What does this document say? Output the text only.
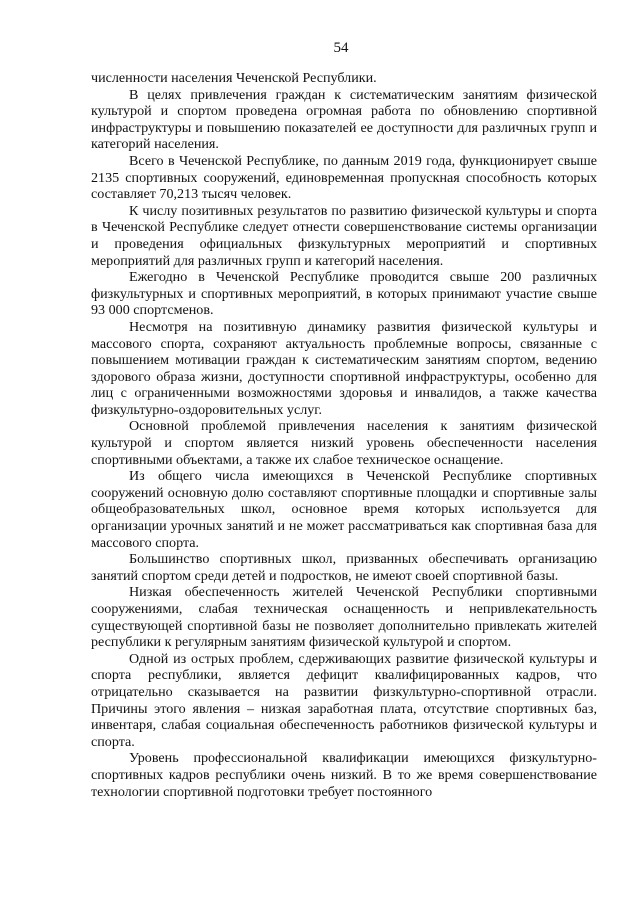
54

численности населения Чеченской Республики.

В целях привлечения граждан к систематическим занятиям физической культурой и спортом проведена огромная работа по обновлению спортивной инфраструктуры и повышению показателей ее доступности для различных групп и категорий населения.

Всего в Чеченской Республике, по данным 2019 года, функционирует свыше 2135 спортивных сооружений, единовременная пропускная способность которых составляет 70,213 тысяч человек.

К числу позитивных результатов по развитию физической культуры и спорта в Чеченской Республике следует отнести совершенствование системы организации и проведения официальных физкультурных мероприятий и спортивных мероприятий для различных групп и категорий населения.

Ежегодно в Чеченской Республике проводится свыше 200 различных физкультурных и спортивных мероприятий, в которых принимают участие свыше 93 000 спортсменов.

Несмотря на позитивную динамику развития физической культуры и массового спорта, сохраняют актуальность проблемные вопросы, связанные с повышением мотивации граждан к систематическим занятиям спортом, ведению здорового образа жизни, доступности спортивной инфраструктуры, особенно для лиц с ограниченными возможностями здоровья и инвалидов, а также качества физкультурно-оздоровительных услуг.

Основной проблемой привлечения населения к занятиям физической культурой и спортом является низкий уровень обеспеченности населения спортивными объектами, а также их слабое техническое оснащение.

Из общего числа имеющихся в Чеченской Республике спортивных сооружений основную долю составляют спортивные площадки и спортивные залы общеобразовательных школ, основное время которых используется для организации урочных занятий и не может рассматриваться как спортивная база для массового спорта.

Большинство спортивных школ, призванных обеспечивать организацию занятий спортом среди детей и подростков, не имеют своей спортивной базы.

Низкая обеспеченность жителей Чеченской Республики спортивными сооружениями, слабая техническая оснащенность и непривлекательность существующей спортивной базы не позволяет дополнительно привлекать жителей республики к регулярным занятиям физической культурой и спортом.

Одной из острых проблем, сдерживающих развитие физической культуры и спорта республики, является дефицит квалифицированных кадров, что отрицательно сказывается на развитии физкультурно-спортивной отрасли. Причины этого явления – низкая заработная плата, отсутствие спортивных баз, инвентаря, слабая социальная обеспеченность работников физической культуры и спорта.

Уровень профессиональной квалификации имеющихся физкультурно-спортивных кадров республики очень низкий. В то же время совершенствование технологии спортивной подготовки требует постоянного
